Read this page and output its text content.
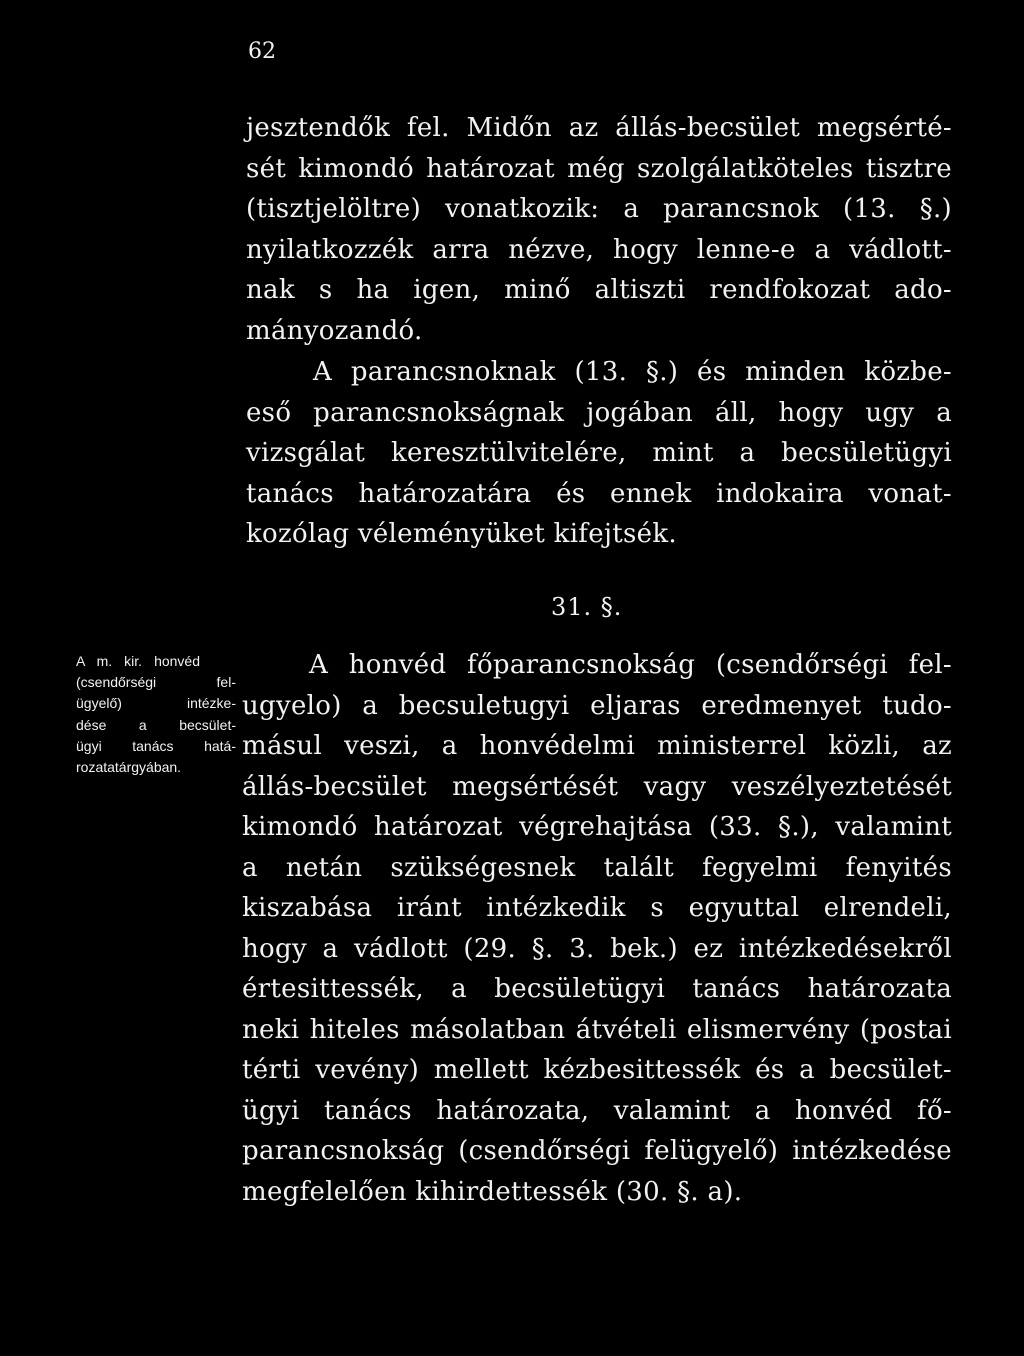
62
jesztendők fel. Midőn az állás-becsület megsérté-
sét kimondó határozat még szolgálatköteles tisztre
(tisztjelöltre) vonatkozik: a parancsnok (13. §.)
nyilatkozzék arra nézve, hogy lenne-e a vádlott-
nak s ha igen, minő altiszti rendfokozat ado-
mányozandó.
A parancsnoknak (13. §.) és minden közbe-
eső parancsnokságnak jogában áll, hogy ugy a
vizsgálat keresztülvitelére, mint a becsületügyi
tanács határozatára és ennek indokaira vonat-
kozólag véleményüket kifejtsék.
31. §.
A m. kir. honvéd
(csendőrségi fel-
ügyelő) intézke-
dése a becsület-
ügyi tanács hatá-
rozatatárgyában.
A honvéd főparancsnokság (csendőrségi fel-
ugyelo) a becsuletugyi eljaras eredmenyet tudo-
másul veszi, a honvédelmi ministerrel közli, az
állás-becsület megsértését vagy veszélyeztetését
kimondó határozat végrehajtása (33. §.), valamint
a netán szükségesnek talált fegyelmi fenyités
kiszabása iránt intézkedik s egyuttal elrendeli,
hogy a vádlott (29. §. 3. bek.) ez intézkedésekről
értesittessék, a becsületügyi tanács határozata
neki hiteles másolatban átvételi elismervény (postai
térti vevény) mellett kézbesittessék és a becsület-
ügyi tanács határozata, valamint a honvéd fő-
parancsnokság (csendőrségi felügyelő) intézkedése
megfelelően kihirdettessék (30. §. a).
